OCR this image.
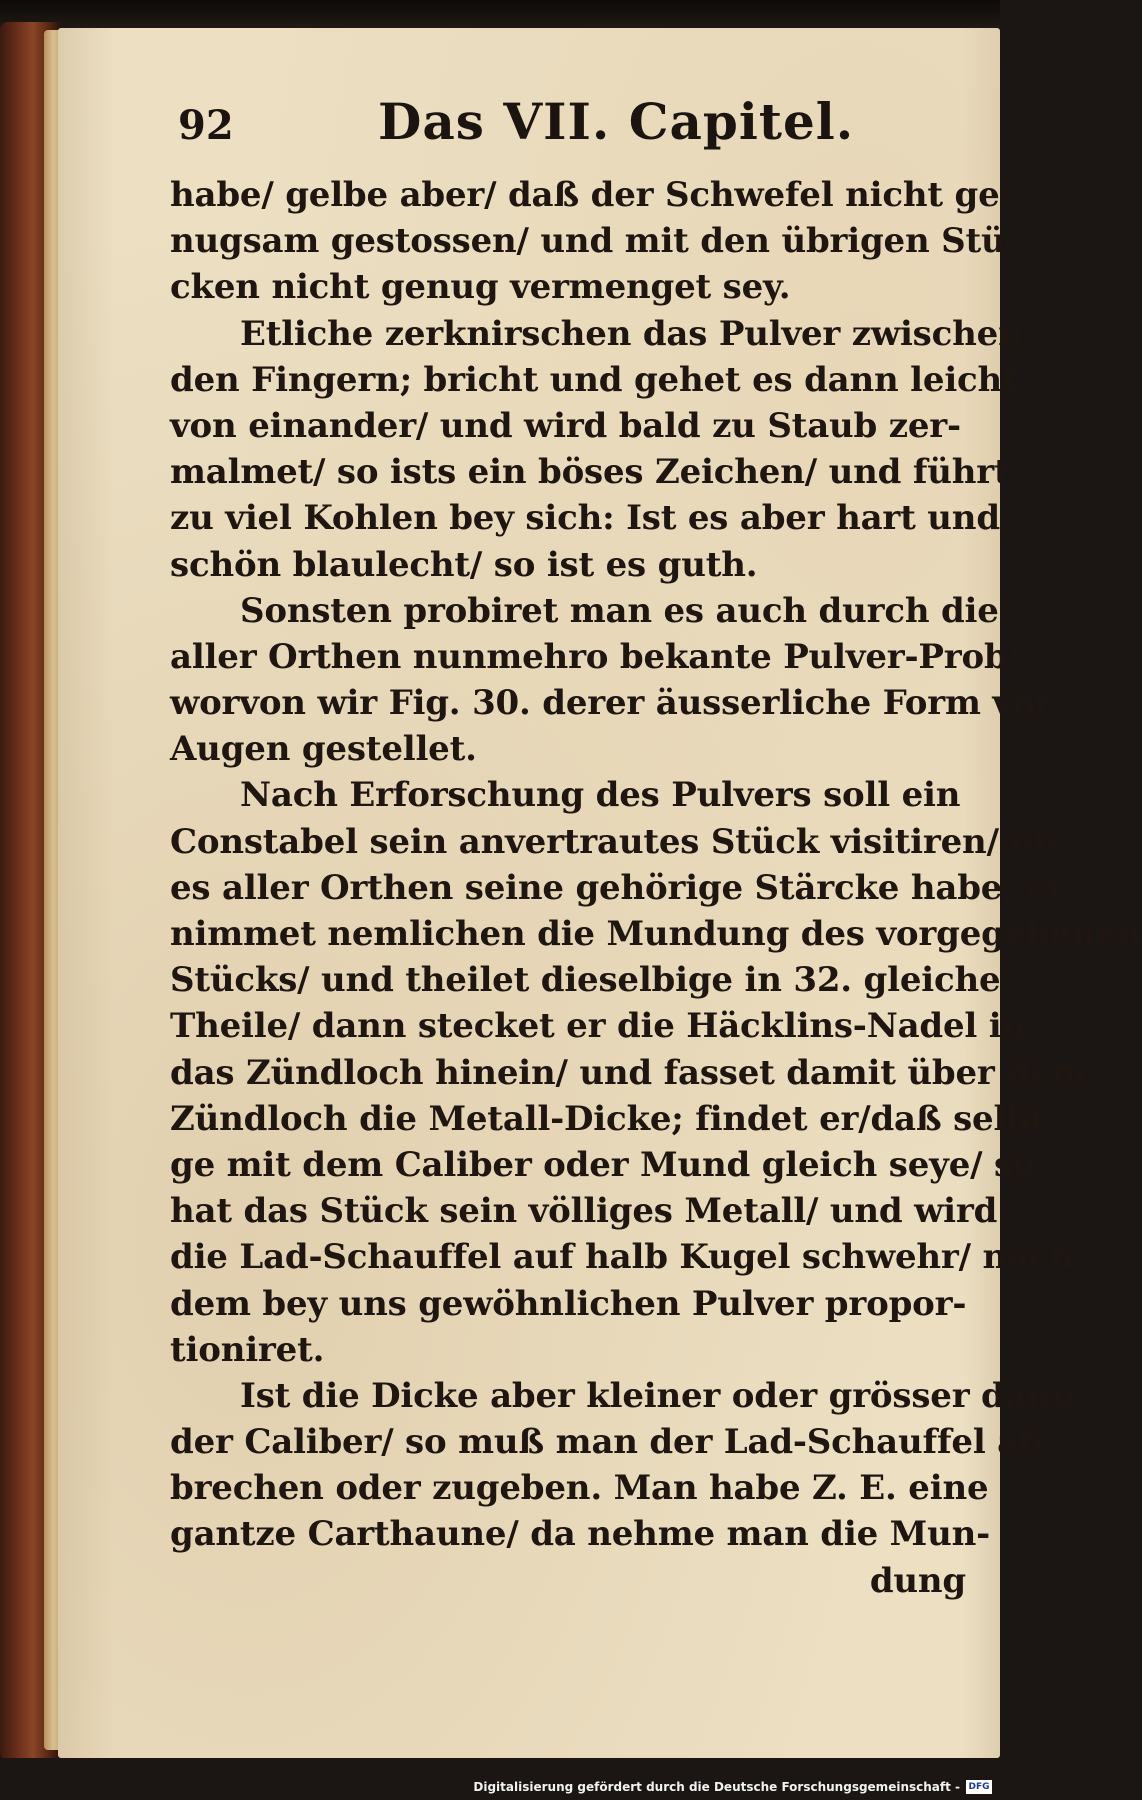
92	Das VII. Capitel.
habe/ gelbe aber/ daß der Schwefel nicht ge-
nugsam gestossen/ und mit den übrigen Stü-
cken nicht genug vermenget sey.
Etliche zerknirschen das Pulver zwischen
den Fingern; bricht und gehet es dann leicht
von einander/ und wird bald zu Staub zer-
malmet/ so ists ein böses Zeichen/ und führt
zu viel Kohlen bey sich: Ist es aber hart und
schön blaulecht/ so ist es guth.
Sonsten probiret man es auch durch die
aller Orthen nunmehro bekante Pulver-Prob/
worvon wir Fig. 30. derer äusserliche Form vor
Augen gestellet.
Nach Erforschung des Pulvers soll ein
Constabel sein anvertrautes Stück visitiren/ ob
es aller Orthen seine gehörige Stärcke habe; er
nimmet nemlichen die Mundung des vorgegebenen
Stücks/ und theilet dieselbige in 32. gleiche
Theile/ dann stecket er die Häcklins-Nadel in
das Zündloch hinein/ und fasset damit über dem
Zündloch die Metall-Dicke; findet er/daß selbi-
ge mit dem Caliber oder Mund gleich seye/ so
hat das Stück sein völliges Metall/ und wird
die Lad-Schauffel auf halb Kugel schwehr/ nach
dem bey uns gewöhnlichen Pulver propor-
tioniret.
Ist die Dicke aber kleiner oder grösser dann
der Caliber/ so muß man der Lad-Schauffel ab-
brechen oder zugeben. Man habe Z. E. eine
gantze Carthaune/ da nehme man die Mun-
dung
Digitalisierung gefördert durch die Deutsche Forschungsgemeinschaft - DFG
